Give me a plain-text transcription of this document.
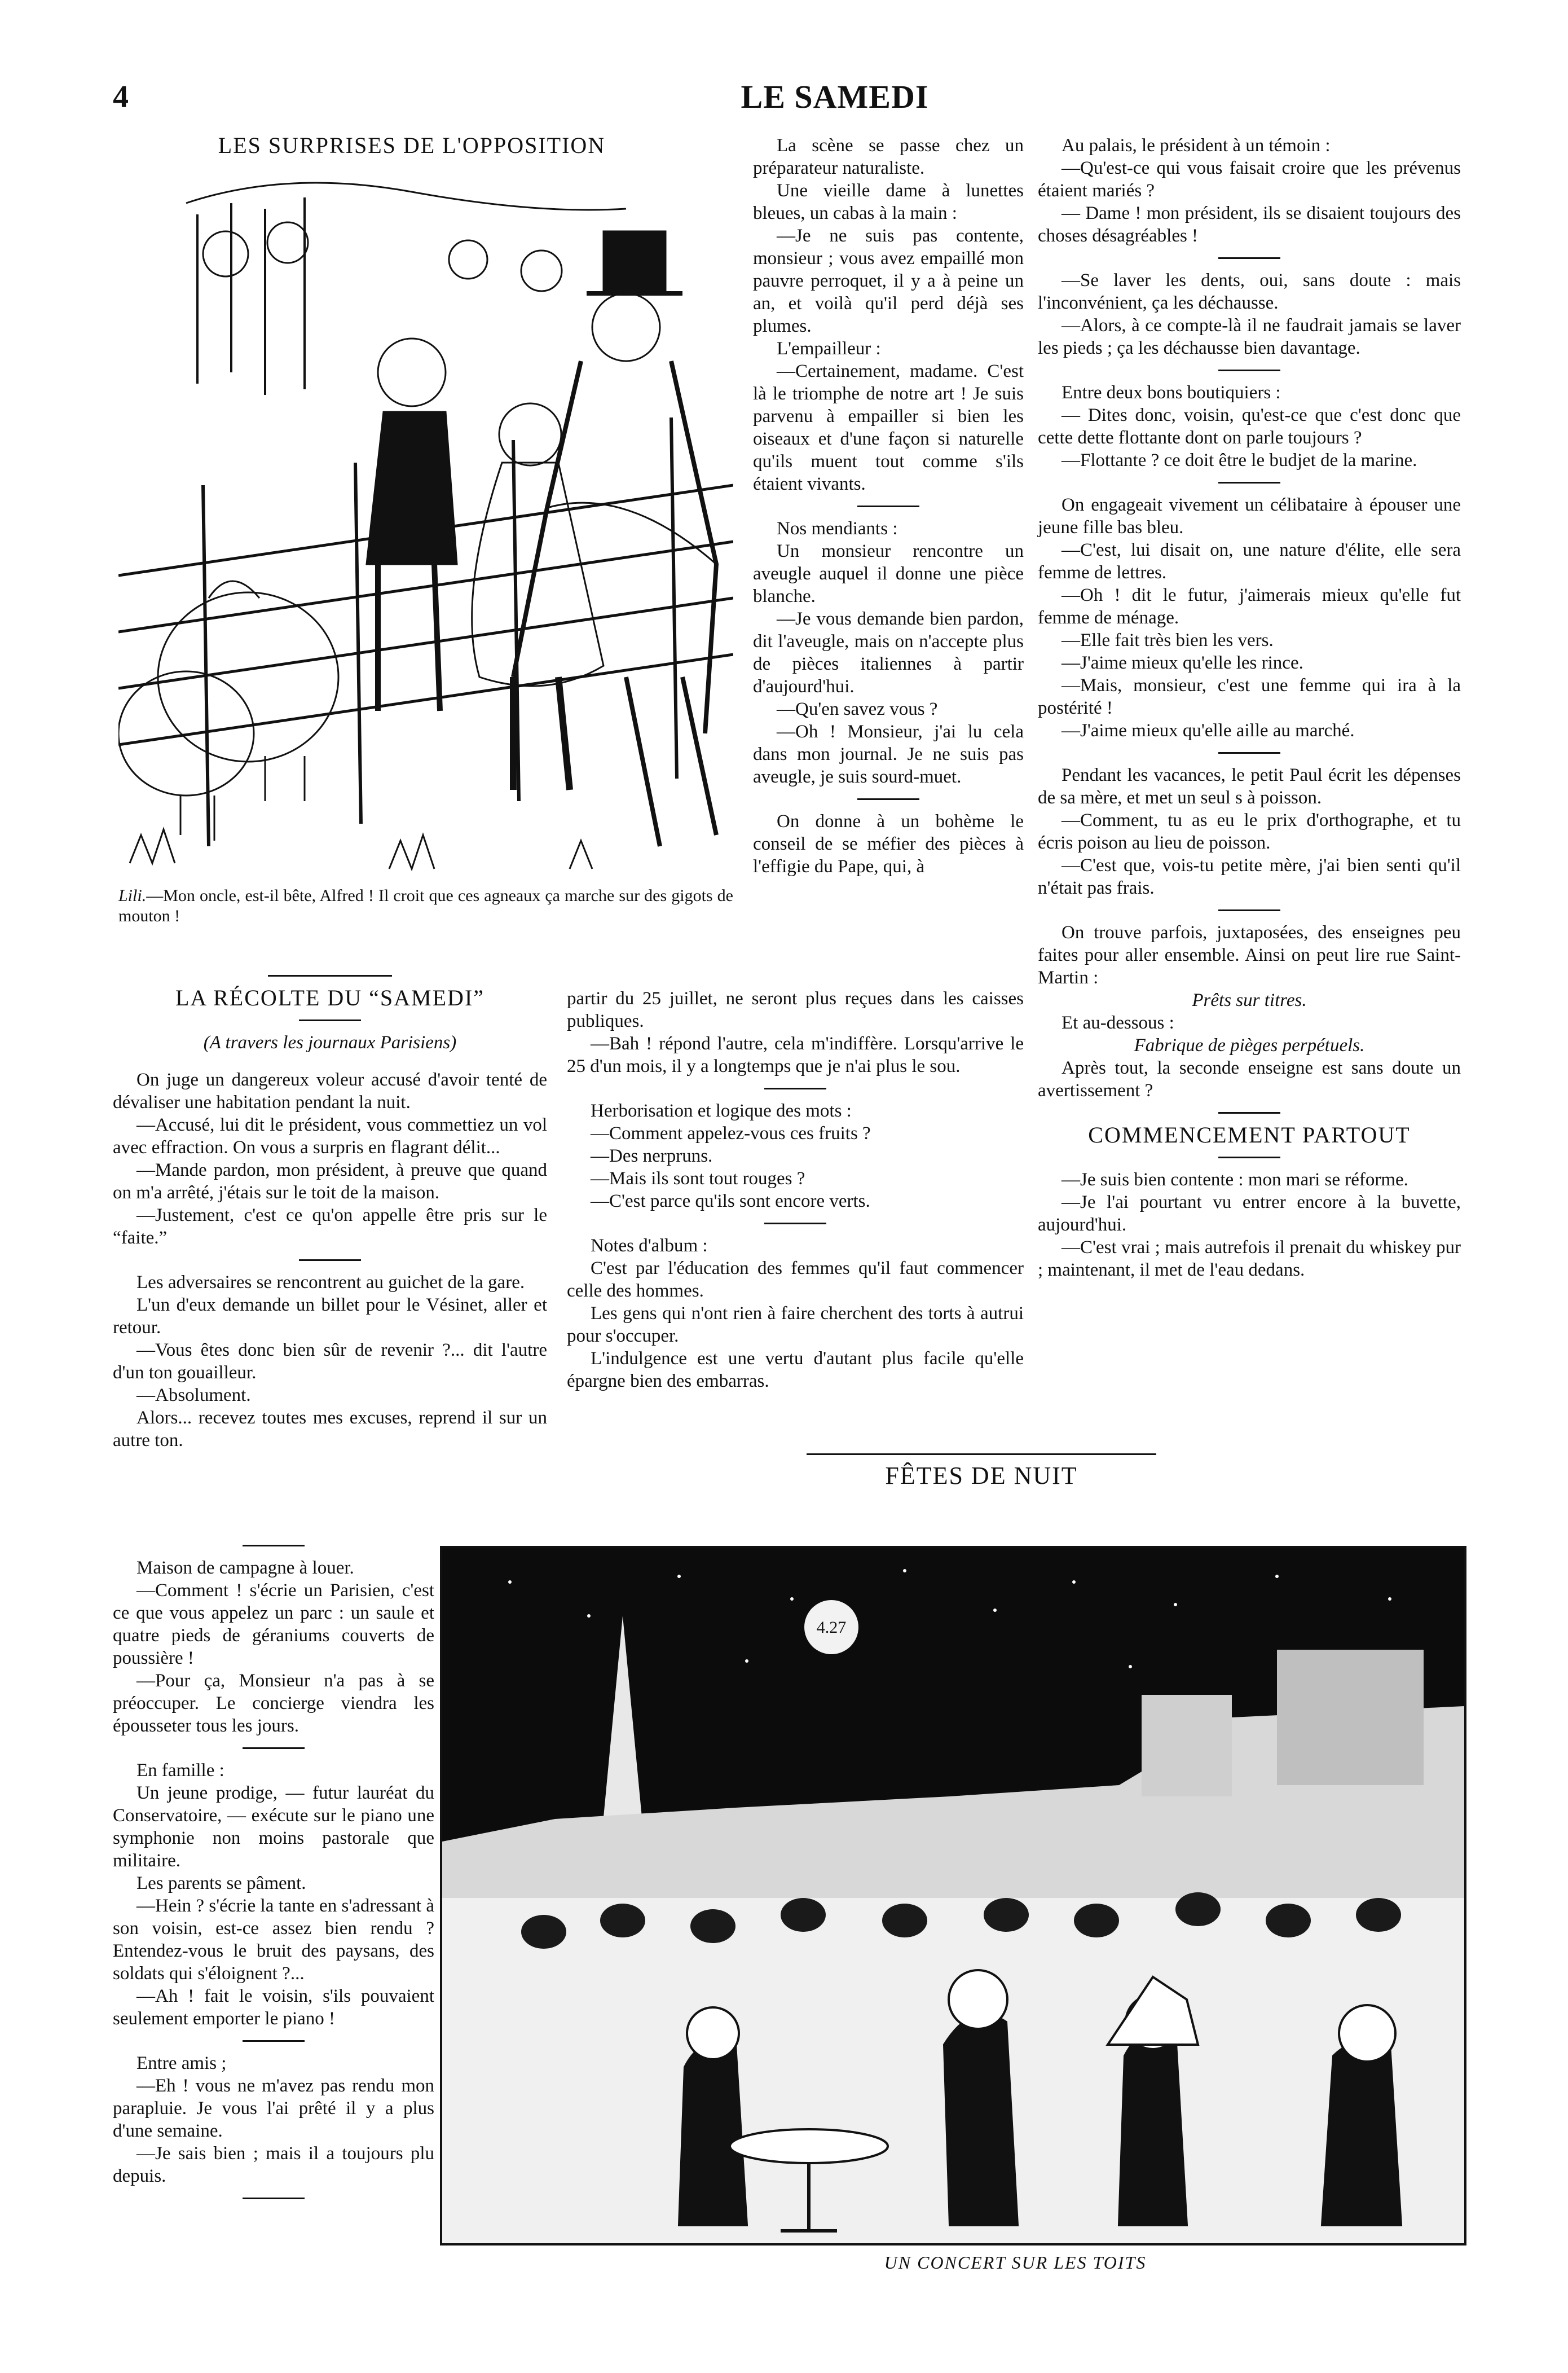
4	LE SAMEDI
LES SURPRISES DE L'OPPOSITION
Lili.—Mon oncle, est-il bête, Alfred ! Il croit que ces agneaux ça marche sur des gigots de mouton !
LA RÉCOLTE DU “SAMEDI”

(A travers les journaux Parisiens)

On juge un dangereux voleur accusé d'avoir tenté de dévaliser une habitation pendant la nuit.

—Accusé, lui dit le président, vous commettiez un vol avec effraction. On vous a surpris en flagrant délit...

—Mande pardon, mon président, à preuve que quand on m'a arrêté, j'étais sur le toit de la maison.

—Justement, c'est ce qu'on appelle être pris sur le “faite.”

Les adversaires se rencontrent au guichet de la gare.

L'un d'eux demande un billet pour le Vésinet, aller et retour.

—Vous êtes donc bien sûr de revenir ?... dit l'autre d'un ton gouailleur.

—Absolument.

Alors... recevez toutes mes excuses, reprend il sur un autre ton.

Maison de campagne à louer.

—Comment ! s'écrie un Parisien, c'est ce que vous appelez un parc : un saule et quatre pieds de géraniums couverts de poussière !

—Pour ça, Monsieur n'a pas à se préoccuper. Le concierge viendra les épousseter tous les jours.

En famille :

Un jeune prodige, — futur lauréat du Conservatoire, — exécute sur le piano une symphonie non moins pastorale que militaire.

Les parents se pâment.

—Hein ? s'écrie la tante en s'adressant à son voisin, est-ce assez bien rendu ? Entendez-vous le bruit des paysans, des soldats qui s'éloignent ?...

—Ah ! fait le voisin, s'ils pouvaient seulement emporter le piano !

Entre amis ;

—Eh ! vous ne m'avez pas rendu mon parapluie. Je vous l'ai prêté il y a plus d'une semaine.

—Je sais bien ; mais il a toujours plu depuis.

La scène se passe chez un préparateur naturaliste.

Une vieille dame à lunettes bleues, un cabas à la main :

—Je ne suis pas contente, monsieur ; vous avez empaillé mon pauvre perroquet, il y a à peine un an, et voilà qu'il perd déjà ses plumes.

L'empailleur :

—Certainement, madame. C'est là le triomphe de notre art ! Je suis parvenu à empailler si bien les oiseaux et d'une façon si naturelle qu'ils muent tout comme s'ils étaient vivants.

Nos mendiants :

Un monsieur rencontre un aveugle auquel il donne une pièce blanche.

—Je vous demande bien pardon, dit l'aveugle, mais on n'accepte plus de pièces italiennes à partir d'aujourd'hui.

—Qu'en savez vous ?

—Oh ! Monsieur, j'ai lu cela dans mon journal. Je ne suis pas aveugle, je suis sourd-muet.

On donne à un bohème le conseil de se méfier des pièces à l'effigie du Pape, qui, à

partir du 25 juillet, ne seront plus reçues dans les caisses publiques.

—Bah ! répond l'autre, cela m'indiffère. Lorsqu'arrive le 25 d'un mois, il y a longtemps que je n'ai plus le sou.

Herborisation et logique des mots :

—Comment appelez-vous ces fruits ?

—Des nerpruns.

—Mais ils sont tout rouges ?

—C'est parce qu'ils sont encore verts.

Notes d'album :

C'est par l'éducation des femmes qu'il faut commencer celle des hommes.

Les gens qui n'ont rien à faire cherchent des torts à autrui pour s'occuper.

L'indulgence est une vertu d'autant plus facile qu'elle épargne bien des embarras.

Au palais, le président à un témoin :

—Qu'est-ce qui vous faisait croire que les prévenus étaient mariés ?

— Dame ! mon président, ils se disaient toujours des choses désagréables !

—Se laver les dents, oui, sans doute : mais l'inconvénient, ça les déchausse.

—Alors, à ce compte-là il ne faudrait jamais se laver les pieds ; ça les déchausse bien davantage.

Entre deux bons boutiquiers :

— Dites donc, voisin, qu'est-ce que c'est donc que cette dette flottante dont on parle toujours ?

—Flottante ? ce doit être le budjet de la marine.

On engageait vivement un célibataire à épouser une jeune fille bas bleu.

—C'est, lui disait on, une nature d'élite, elle sera femme de lettres.

—Oh ! dit le futur, j'aimerais mieux qu'elle fut femme de ménage.

—Elle fait très bien les vers.

—J'aime mieux qu'elle les rince.

—Mais, monsieur, c'est une femme qui ira à la postérité !

—J'aime mieux qu'elle aille au marché.

Pendant les vacances, le petit Paul écrit les dépenses de sa mère, et met un seul s à poisson.

—Comment, tu as eu le prix d'orthographe, et tu écris poison au lieu de poisson.

—C'est que, vois-tu petite mère, j'ai bien senti qu'il n'était pas frais.

On trouve parfois, juxtaposées, des enseignes peu faites pour aller ensemble. Ainsi on peut lire rue Saint-Martin :

Prêts sur titres.

Et au-dessous :

Fabrique de pièges perpétuels.

Après tout, la seconde enseigne est sans doute un avertissement ?

COMMENCEMENT PARTOUT

—Je suis bien contente : mon mari se réforme.

—Je l'ai pourtant vu entrer encore à la buvette, aujourd'hui.

—C'est vrai ; mais autrefois il prenait du whiskey pur ; maintenant, il met de l'eau dedans.

FÊTES DE NUIT
4.27
UN CONCERT SUR LES TOITS
